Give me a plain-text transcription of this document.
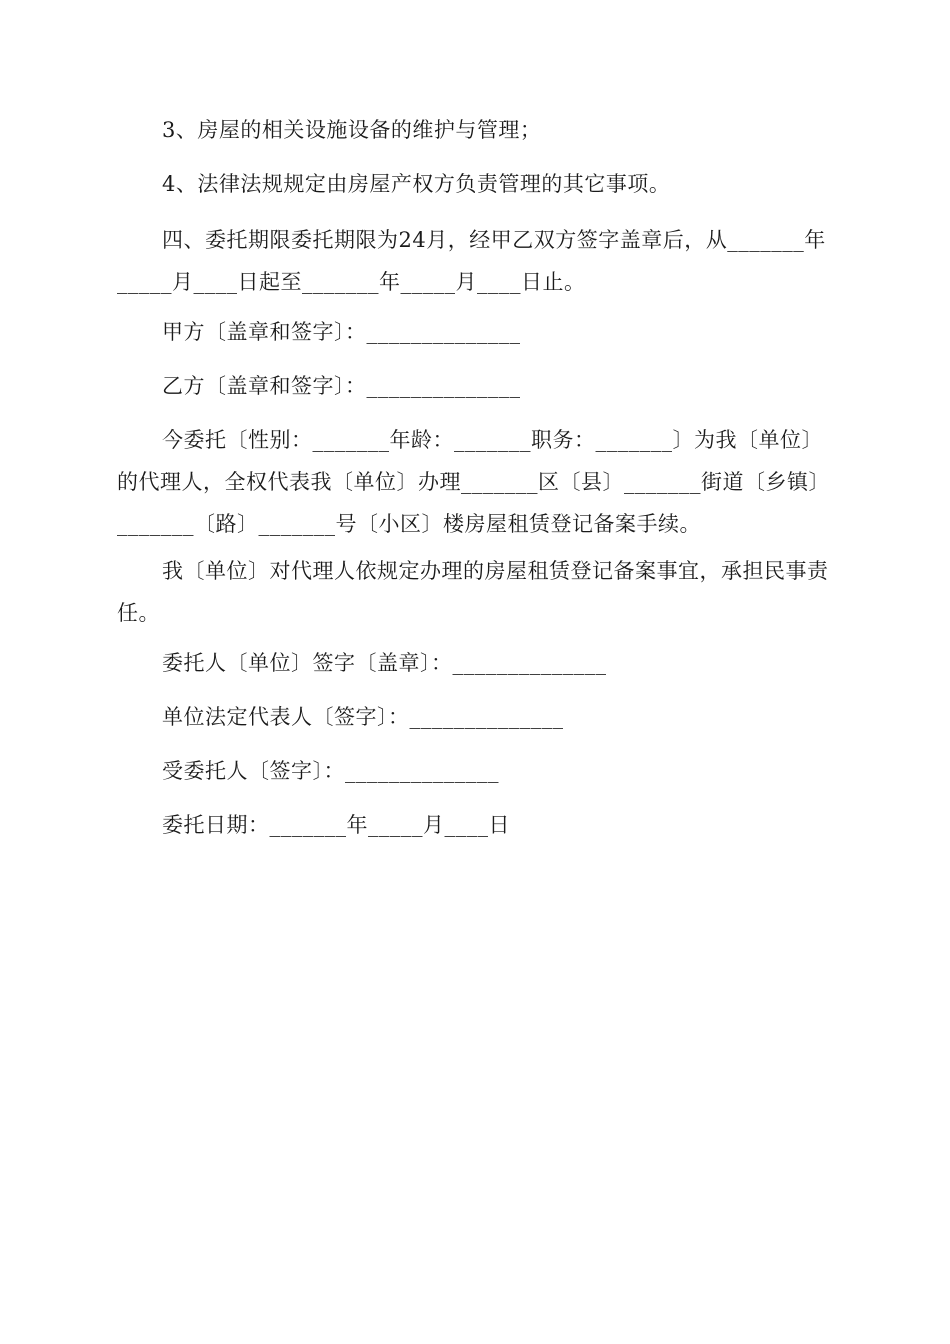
3、房屋的相关设施设备的维护与管理；

4、法律法规规定由房屋产权方负责管理的其它事项。

四、委托期限委托期限为24月，经甲乙双方签字盖章后，从_______年_____月____日起至_______年_____月____日止。

甲方〔盖章和签字〕：______________

乙方〔盖章和签字〕：______________

今委托〔性别：_______年龄：_______职务：_______〕为我〔单位〕的代理人，全权代表我〔单位〕办理_______区〔县〕_______街道〔乡镇〕_______〔路〕_______号〔小区〕楼房屋租赁登记备案手续。

我〔单位〕对代理人依规定办理的房屋租赁登记备案事宜，承担民事责任。

委托人〔单位〕签字〔盖章〕：______________

单位法定代表人〔签字〕：______________

受委托人〔签字〕：______________

委托日期：_______年_____月____日
